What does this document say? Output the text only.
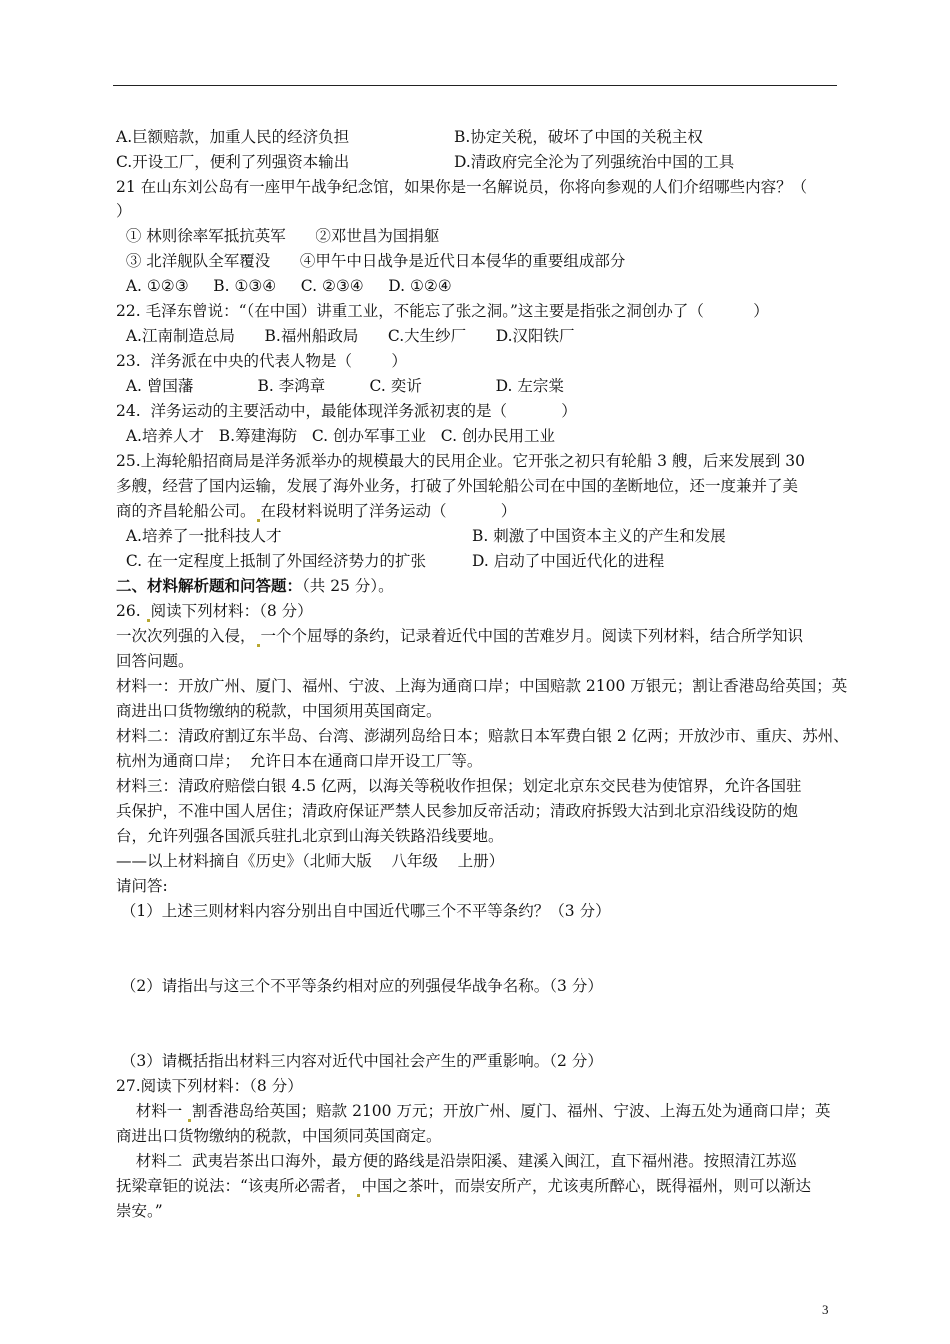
A.巨额赔款，加重人民的经济负担	B.协定关税，破坏了中国的关税主权
C.开设工厂，便利了列强资本输出	D.清政府完全沦为了列强统治中国的工具
21 在山东刘公岛有一座甲午战争纪念馆，如果你是一名解说员，你将向参观的人们介绍哪些内容？（
）
① 林则徐率军抵抗英军      ②邓世昌为国捐躯
③ 北洋舰队全军覆没      ④甲午中日战争是近代日本侵华的重要组成部分
A. ①②③     B. ①③④     C. ②③④     D. ①②④
22. 毛泽东曾说：“（在中国）讲重工业，不能忘了张之洞。”这主要是指张之洞创办了（          ）
A.江南制造总局      B.福州船政局      C.大生纱厂      D.汉阳铁厂
23.  洋务派在中央的代表人物是（        ）
A. 曾国藩             B. 李鸿章         C. 奕䜣               D. 左宗棠
24.  洋务运动的主要活动中，最能体现洋务派初衷的是（           ）
A.培养人才   B.筹建海防   C. 创办军事工业   C. 创办民用工业
25.上海轮船招商局是洋务派举办的规模最大的民用企业。它开张之初只有轮船 3 艘，后来发展到 30
多艘，经营了国内运输，发展了海外业务，打破了外国轮船公司在中国的垄断地位，还一度兼并了美
商的齐昌轮船公司。 在段材料说明了洋务运动（           ）
A.培养了一批科技人才	B. 刺激了中国资本主义的产生和发展
C. 在一定程度上抵制了外国经济势力的扩张	D. 启动了中国近代化的进程
二、材料解析题和问答题：（共 25 分）。
26. 阅读下列材料：（8 分）
一次次列强的入侵， 一个个屈辱的条约，记录着近代中国的苦难岁月。阅读下列材料，结合所学知识
回答问题。
材料一：开放广州、厦门、福州、宁波、上海为通商口岸；中国赔款 2100 万银元；割让香港岛给英国；英
商进出口货物缴纳的税款，中国须用英国商定。
材料二：清政府割辽东半岛、台湾、澎湖列岛给日本；赔款日本军费白银 2 亿两；开放沙市、重庆、苏州、
杭州为通商口岸；  允许日本在通商口岸开设工厂等。
材料三：清政府赔偿白银 4.5 亿两，以海关等税收作担保；划定北京东交民巷为使馆界，允许各国驻
兵保护，不准中国人居住；清政府保证严禁人民参加反帝活动；清政府拆毁大沽到北京沿线设防的炮
台，允许列强各国派兵驻扎北京到山海关铁路沿线要地。
——以上材料摘自《历史》（北师大版    八年级    上册）
请问答:
（1）上述三则材料内容分别出自中国近代哪三个不平等条约？（3 分）
（2）请指出与这三个不平等条约相对应的列强侵华战争名称。（3 分）
（3）请概括指出材料三内容对近代中国社会产生的严重影响。（2 分）
27.阅读下列材料：（8 分）
材料一 割香港岛给英国；赔款 2100 万元；开放广州、厦门、福州、宁波、上海五处为通商口岸；英
商进出口货物缴纳的税款，中国须同英国商定。
材料二  武夷岩茶出口海外，最方便的路线是沿崇阳溪、建溪入闽江，直下福州港。按照清江苏巡
抚梁章钜的说法：“该夷所必需者， 中国之茶叶，而崇安所产，尤该夷所醉心，既得福州，则可以渐达
崇安。”
3
